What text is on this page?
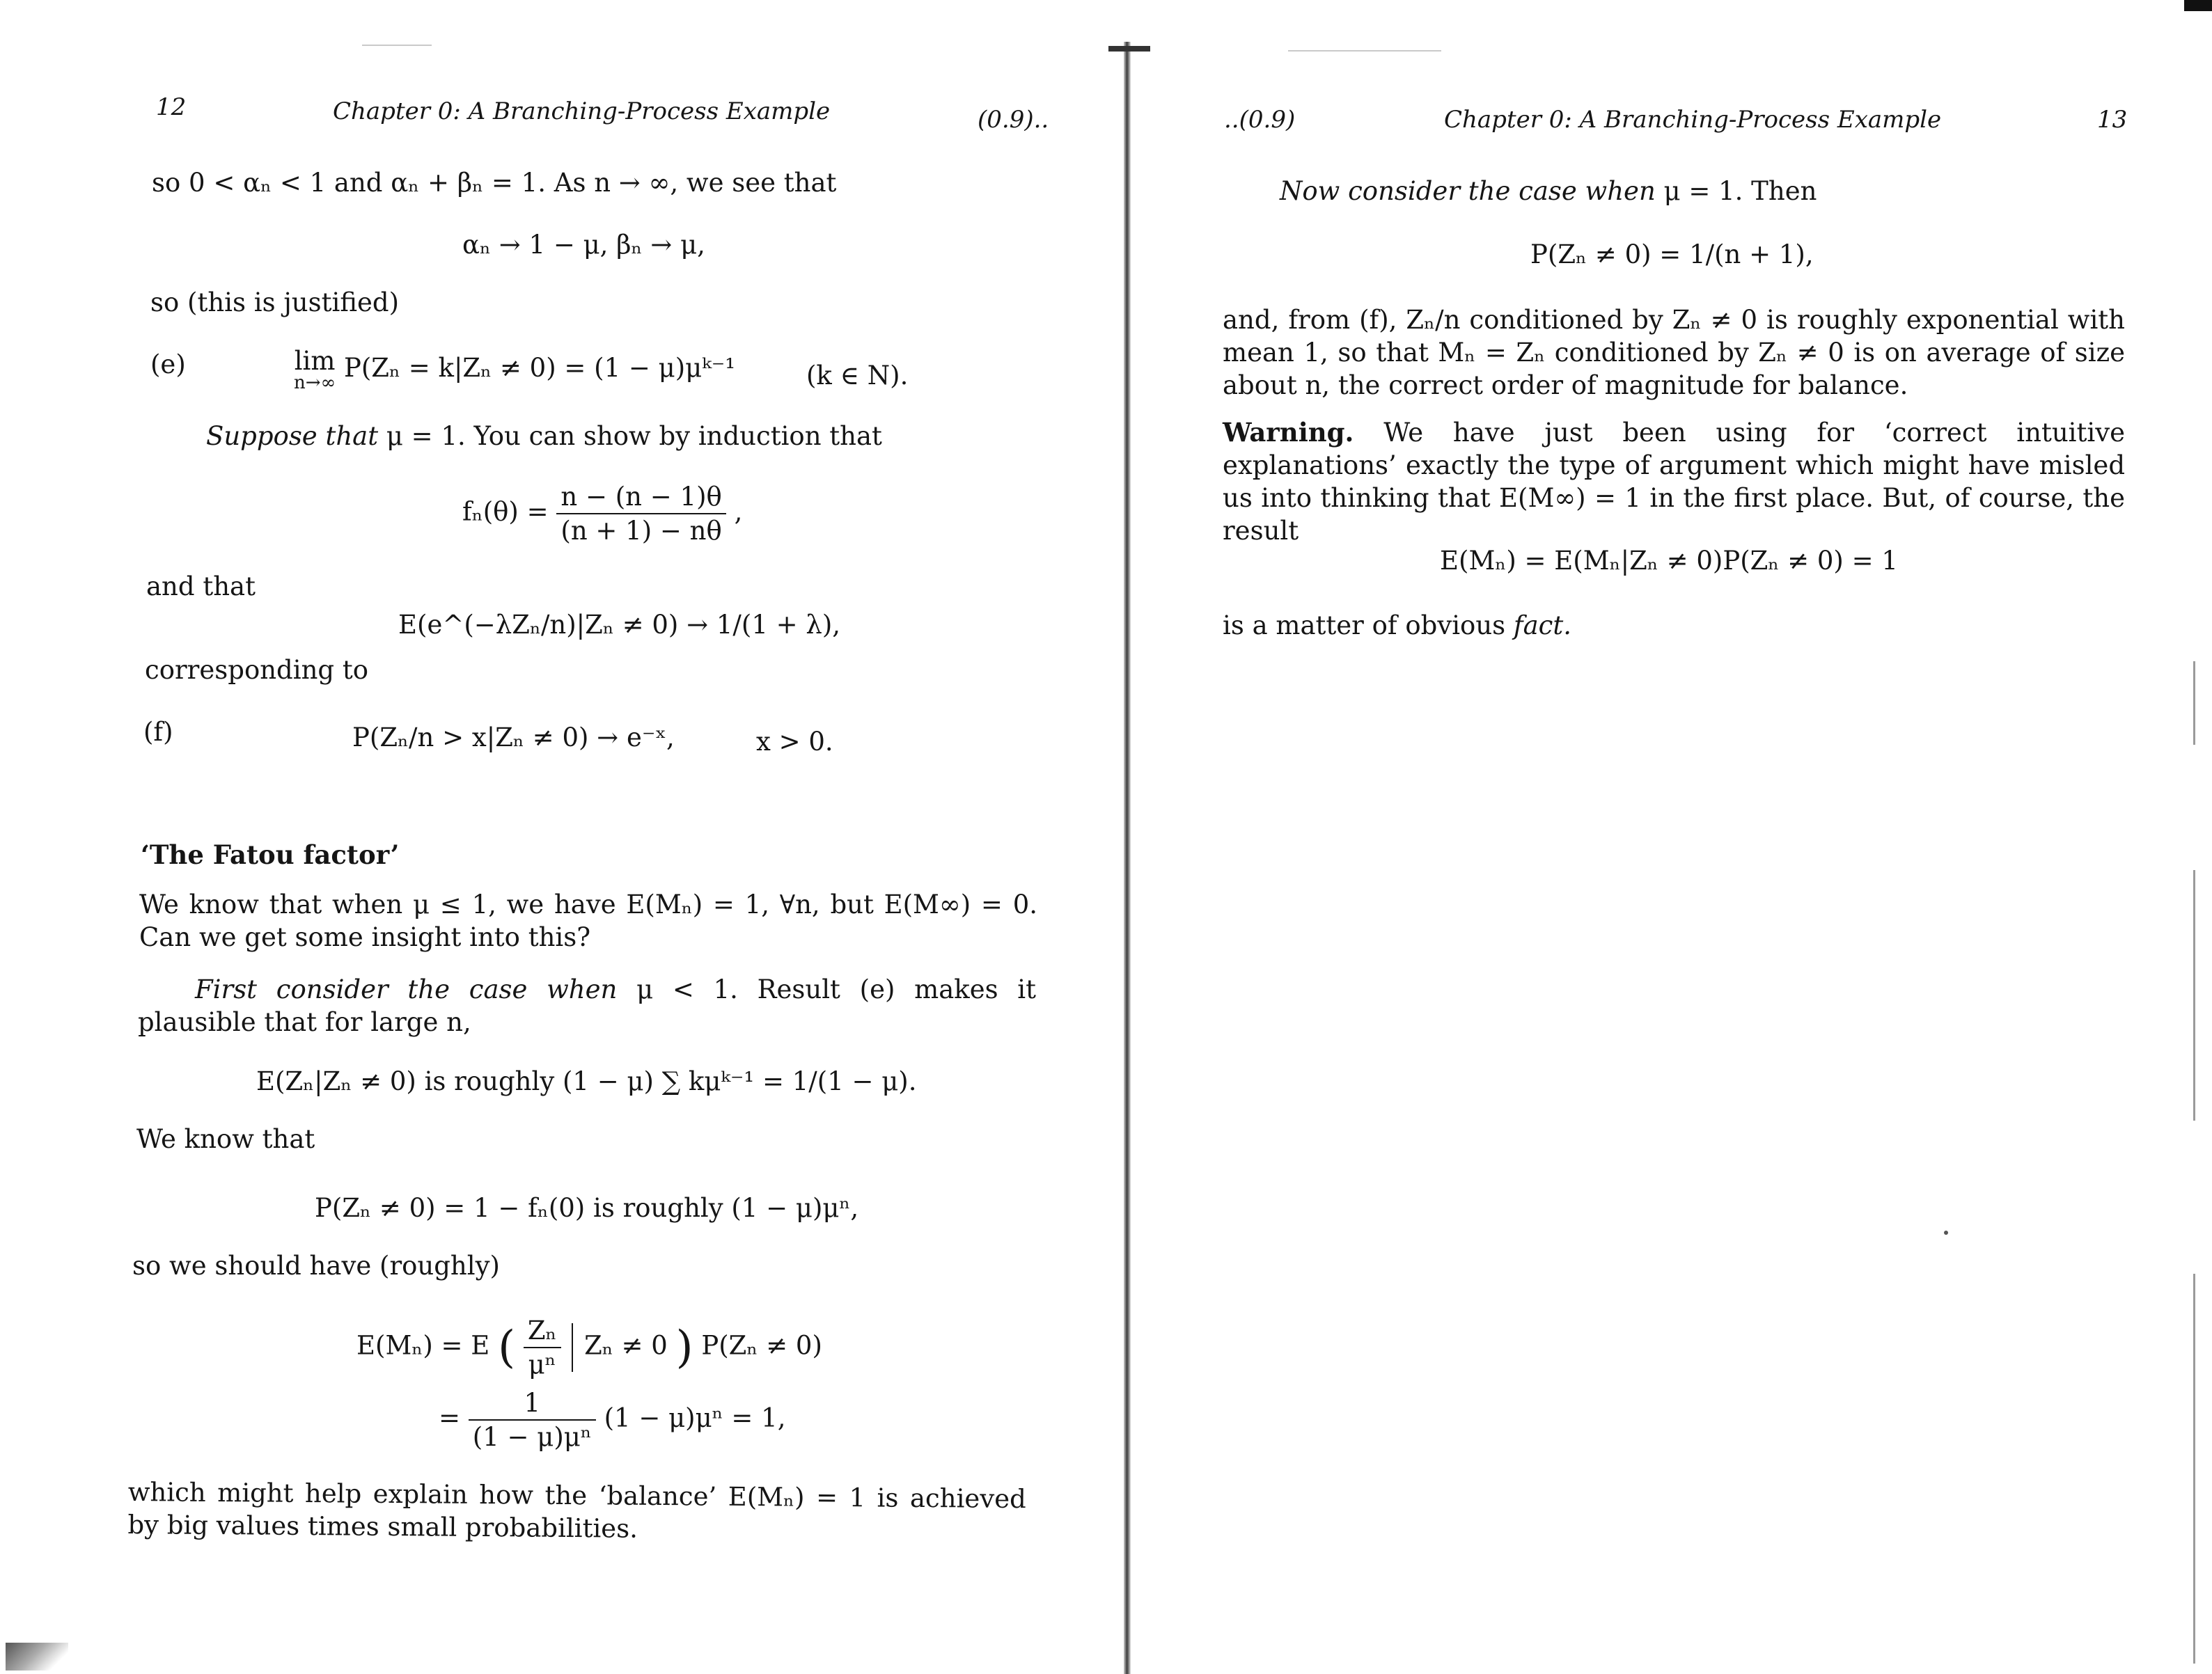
12	Chapter 0: A Branching-Process Example	(0.9)..
so 0 < αₙ < 1 and αₙ + βₙ = 1. As n → ∞, we see that
αₙ → 1 − μ, βₙ → μ,
so (this is justified)
(e)	lim
n→∞ P(Zₙ = k|Zₙ ≠ 0) = (1 − μ)μᵏ⁻¹	(k ∈ N).
Suppose that μ = 1. You can show by induction that
$f_n(\theta) = \frac{n - (n - 1)\theta}{(n + 1) - n\theta}$ ,
and that
E(e^(−λZₙ/n)|Zₙ ≠ 0) → 1/(1 + λ),
corresponding to
(f)	P(Zₙ/n > x|Zₙ ≠ 0) → e⁻ˣ,	x > 0.
‘The Fatou factor’
We know that when μ ≤ 1, we have E(Mₙ) = 1, ∀n, but E(M∞) = 0. Can we get some insight into this?
First consider the case when μ < 1. Result (e) makes it plausible that for large n,
E(Zₙ|Zₙ ≠ 0) is roughly (1 − μ) ∑ kμᵏ⁻¹ = 1/(1 − μ).
We know that
P(Zₙ ≠ 0) = 1 − fₙ(0) is roughly (1 − μ)μⁿ,
so we should have (roughly)
E(Mₙ) = E ( $\frac{\text{Zₙ}}{\text{μⁿ}}$ Zₙ ≠ 0 ) P(Zₙ ≠ 0)
= $\frac{1}{\text{(1 − μ)μⁿ}} (1 - \mu)\mu^n = 1$,
which might help explain how the ‘balance’ E(Mₙ) = 1 is achieved by big values times small probabilities.
..(0.9)	Chapter 0: A Branching-Process Example	13
Now consider the case when μ = 1. Then
P(Zₙ ≠ 0) = 1/(n + 1),
and, from (f), Zₙ/n conditioned by Zₙ ≠ 0 is roughly exponential with mean 1, so that Mₙ = Zₙ conditioned by Zₙ ≠ 0 is on average of size about n, the correct order of magnitude for balance.
Warning. We have just been using for ‘correct intuitive explanations’ exactly the type of argument which might have misled us into thinking that E(M∞) = 1 in the first place. But, of course, the result
E(Mₙ) = E(Mₙ|Zₙ ≠ 0)P(Zₙ ≠ 0) = 1
is a matter of obvious fact.
